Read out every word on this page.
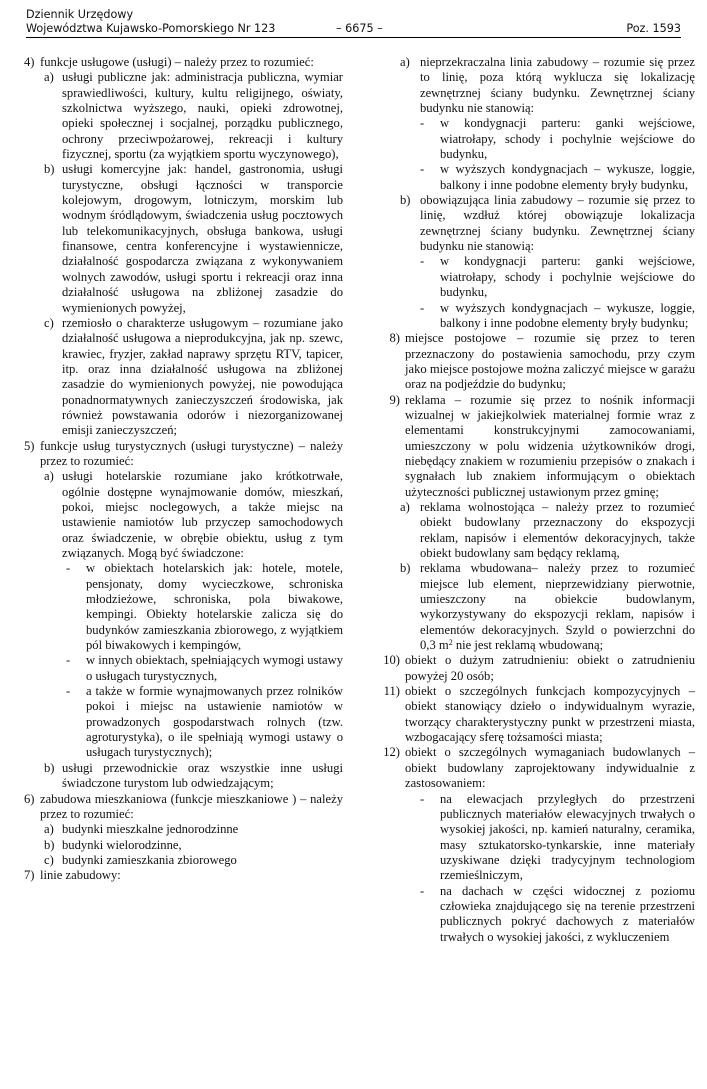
Dziennik Urzędowy
Województwa Kujawsko-Pomorskiego Nr 123	– 6675 –	Poz. 1593
4) funkcje usługowe (usługi) – należy przez to rozumieć:
a) usługi publiczne jak: administracja publiczna, wymiar sprawiedliwości, kultury, kultu religijnego, oświaty, szkolnictwa wyższego, nauki, opieki zdrowotnej, opieki społecznej i socjalnej, porządku publicznego, ochrony przeciwpożarowej, rekreacji i kultury fizycznej, sportu (za wyjątkiem sportu wyczynowego),
b) usługi komercyjne jak: handel, gastronomia, usługi turystyczne, obsługi łączności w transporcie kolejowym, drogowym, lotniczym, morskim lub wodnym śródlądowym, świadczenia usług pocztowych lub telekomunikacyjnych, obsługa bankowa, usługi finansowe, centra konferencyjne i wystawiennicze, działalność gospodarcza związana z wykonywaniem wolnych zawodów, usługi sportu i rekreacji oraz inna działalność usługowa na zbliżonej zasadzie do wymienionych powyżej,
c) rzemiosło o charakterze usługowym – rozumiane jako działalność usługowa a nieprodukcyjna, jak np. szewc, krawiec, fryzjer, zakład naprawy sprzętu RTV, tapicer, itp. oraz inna działalność usługowa na zbliżonej zasadzie do wymienionych powyżej, nie powodująca ponadnormatywnych zanieczyszczeń środowiska, jak również powstawania odorów i niezorganizowanej emisji zanieczyszczeń;
5) funkcje usług turystycznych (usługi turystyczne) – należy przez to rozumieć:
a) usługi hotelarskie rozumiane jako krótkotrwałe, ogólnie dostępne wynajmowanie domów, mieszkań, pokoi, miejsc noclegowych, a także miejsc na ustawienie namiotów lub przyczep samochodowych oraz świadczenie, w obrębie obiektu, usług z tym związanych. Mogą być świadczone:
-	w obiektach hotelarskich jak: hotele, motele, pensjonaty, domy wycieczkowe, schroniska młodzieżowe, schroniska, pola biwakowe, kempingi. Obiekty hotelarskie zalicza się do budynków zamieszkania zbiorowego, z wyjątkiem pól biwakowych i kempingów,
-	w innych obiektach, spełniających wymogi ustawy o usługach turystycznych,
-	a także w formie wynajmowanych przez rolników pokoi i miejsc na ustawienie namiotów w prowadzonych gospodarstwach rolnych (tzw. agroturystyka), o ile spełniają wymogi ustawy o usługach turystycznych);
b) usługi przewodnickie oraz wszystkie inne usługi świadczone turystom lub odwiedzającym;
6) zabudowa mieszkaniowa (funkcje mieszkaniowe ) – należy przez to rozumieć:
a) budynki mieszkalne jednorodzinne
b) budynki wielorodzinne,
c) budynki zamieszkania zbiorowego
7) linie zabudowy:
a) nieprzekraczalna linia zabudowy – rozumie się przez to linię, poza którą wyklucza się lokalizację zewnętrznej ściany budynku. Zewnętrznej ściany budynku nie stanowią:
-	w kondygnacji parteru: ganki wejściowe, wiatrołapy, schody i pochylnie wejściowe do budynku,
-	w wyższych kondygnacjach – wykusze, loggie, balkony i inne podobne elementy bryły budynku,
b) obowiązująca linia zabudowy – rozumie się przez to linię, wzdłuż której obowiązuje lokalizacja zewnętrznej ściany budynku. Zewnętrznej ściany budynku nie stanowią:
-	w kondygnacji parteru: ganki wejściowe, wiatrołapy, schody i pochylnie wejściowe do budynku,
-	w wyższych kondygnacjach – wykusze, loggie, balkony i inne podobne elementy bryły budynku;
8) miejsce postojowe – rozumie się przez to teren przeznaczony do postawienia samochodu, przy czym jako miejsce postojowe można zaliczyć miejsce w garażu oraz na podjeździe do budynku;
9) reklama – rozumie się przez to nośnik informacji wizualnej w jakiejkolwiek materialnej formie wraz z elementami konstrukcyjnymi zamocowaniami, umieszczony w polu widzenia użytkowników drogi, niebędący znakiem w rozumieniu przepisów o znakach i sygnałach lub znakiem informującym o obiektach użyteczności publicznej ustawionym przez gminę;
a) reklama wolnostojąca – należy przez to rozumieć obiekt budowlany przeznaczony do ekspozycji reklam, napisów i elementów dekoracyjnych, także obiekt budowlany sam będący reklamą,
b) reklama wbudowana– należy przez to rozumieć miejsce lub element, nieprzewidziany pierwotnie, umieszczony na obiekcie budowlanym, wykorzystywany do ekspozycji reklam, napisów i elementów dekoracyjnych. Szyld o powierzchni do 0,3 $m^2$ nie jest reklamą wbudowaną;
10) obiekt o dużym zatrudnieniu: obiekt o zatrudnieniu powyżej 20 osób;
11) obiekt o szczególnych funkcjach kompozycyjnych – obiekt stanowiący dzieło o indywidualnym wyrazie, tworzący charakterystyczny punkt w przestrzeni miasta, wzbogacający sferę tożsamości miasta;
12) obiekt o szczególnych wymaganiach budowlanych – obiekt budowlany zaprojektowany indywidualnie z zastosowaniem:
-	na elewacjach przyległych do przestrzeni publicznych materiałów elewacyjnych trwałych o wysokiej jakości, np. kamień naturalny, ceramika, masy sztukatorsko-tynkarskie, inne materiały uzyskiwane dzięki tradycyjnym technologiom rzemieślniczym,
-	na dachach w części widocznej z poziomu człowieka znajdującego się na terenie przestrzeni publicznych pokryć dachowych z materiałów trwałych o wysokiej jakości, z wykluczeniem
